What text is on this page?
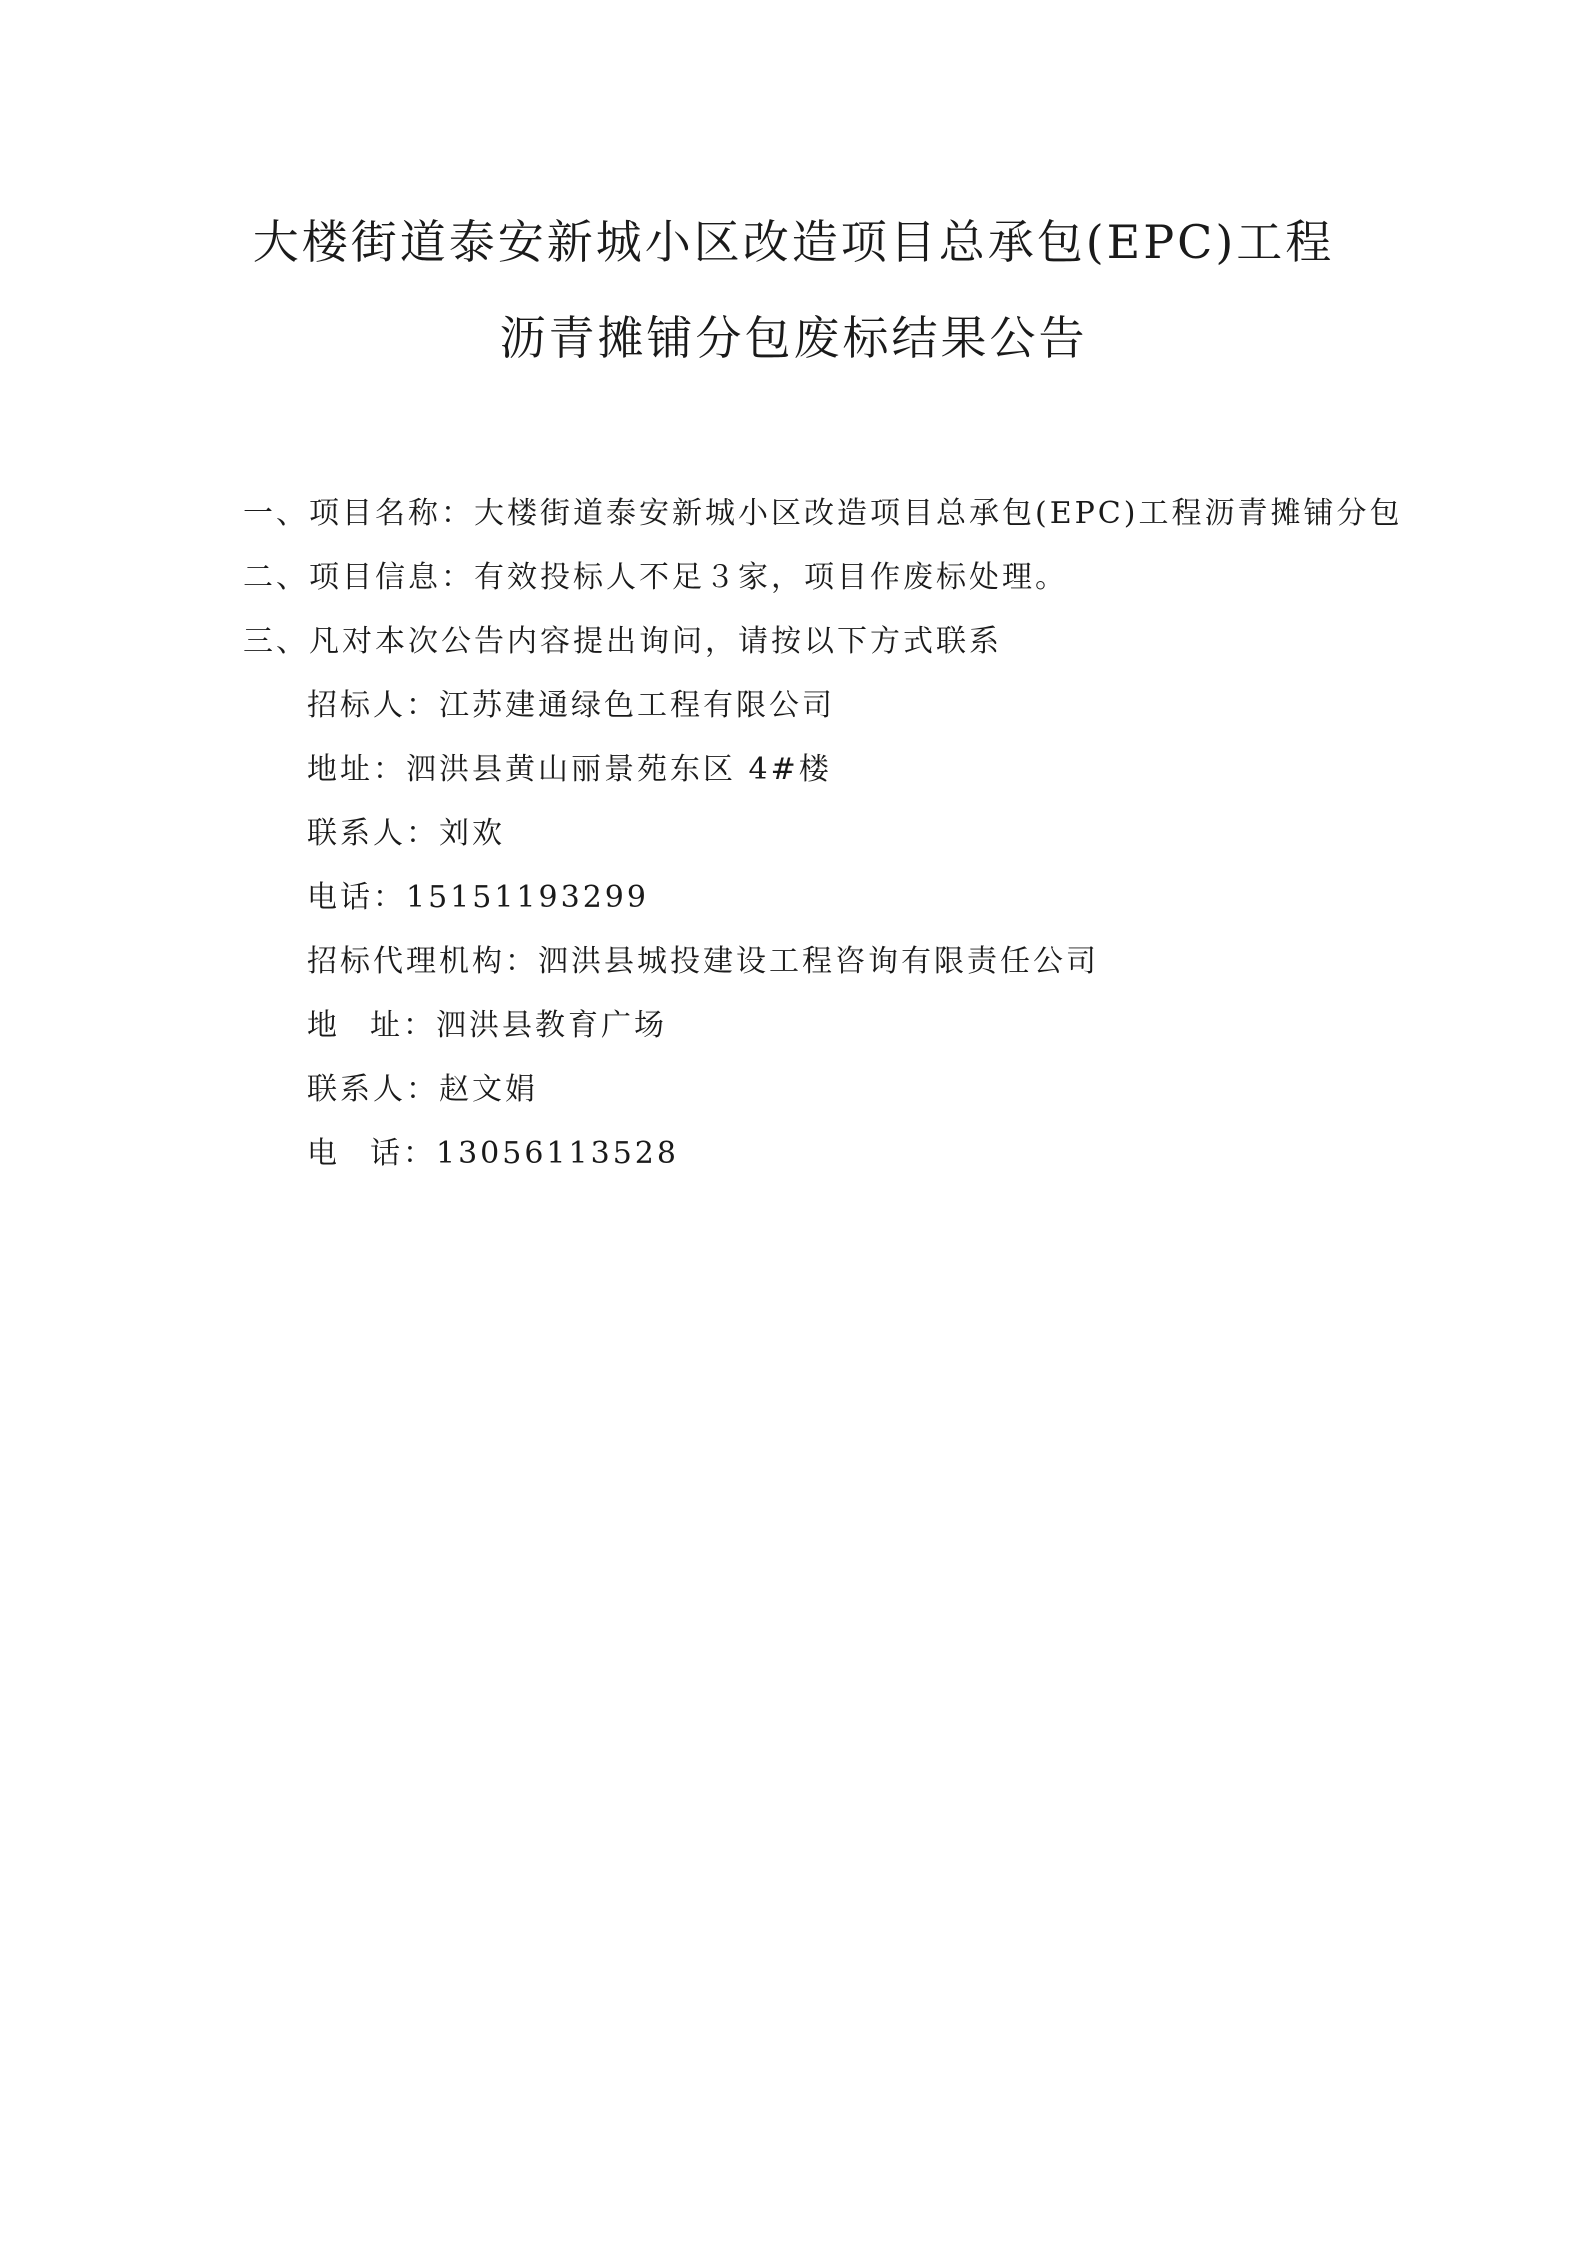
大楼街道泰安新城小区改造项目总承包(EPC)工程
沥青摊铺分包废标结果公告
一、项目名称：大楼街道泰安新城小区改造项目总承包(EPC)工程沥青摊铺分包
二、项目信息：有效投标人不足３家，项目作废标处理。
三、凡对本次公告内容提出询问，请按以下方式联系
招标人：江苏建通绿色工程有限公司
地址：泗洪县黄山丽景苑东区 4#楼
联系人：刘欢
电话：15151193299
招标代理机构：泗洪县城投建设工程咨询有限责任公司
地 址：泗洪县教育广场
联系人：赵文娟
电 话：13056113528
